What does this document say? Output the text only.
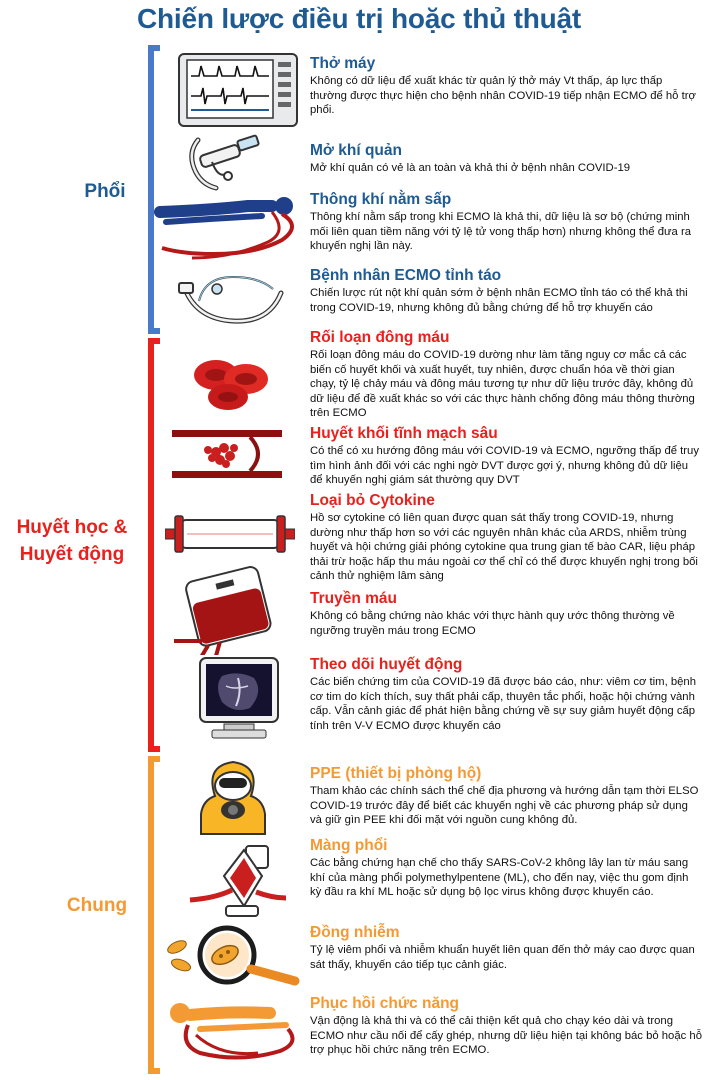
Chiến lược điều trị hoặc thủ thuật
Phổi
Huyết học &
Huyết động
Chung
Thở máy
Không có dữ liệu để xuất khác từ quản lý thở máy Vt thấp, áp lực thấp thường được thực hiện cho bệnh nhân COVID-19 tiếp nhận ECMO để hỗ trợ phổi.
Mở khí quản
Mở khí quản có vẻ là an toàn và khả thi ở bệnh nhân COVID-19
Thông khí nằm sấp
Thông khí nằm sấp trong khi ECMO là khả thi, dữ liệu là sơ bộ (chứng minh mối liên quan tiềm năng với tỷ lệ tử vong thấp hơn) nhưng không thể đưa ra khuyến nghị lần này.
Bệnh nhân ECMO tỉnh táo
Chiến lược rút nột khí quản sớm ở bệnh nhân ECMO tỉnh táo có thể khả thi trong COVID-19, nhưng không đủ bằng chứng để hỗ trợ khuyến cáo
Rối loạn đông máu
Rối loạn đông máu do COVID-19 dường như làm tăng nguy cơ mắc cả các biến cố huyết khối và xuất huyết, tuy nhiên, được chuẩn hóa về thời gian chạy, tỷ lệ chảy máu và đông máu tương tự như dữ liệu trước đây, không đủ dữ liệu để đề xuất khác so với các thực hành chống đông máu thông thường trên ECMO
Huyết khối tĩnh mạch sâu
Có thể có xu hướng đông máu với COVID-19 và ECMO, ngưỡng thấp để truy tìm hình ảnh đối với các nghi ngờ DVT được gợi ý, nhưng không đủ dữ liệu để khuyến nghị giám sát thường quy DVT
Loại bỏ Cytokine
Hồ sơ cytokine có liên quan được quan sát thấy trong COVID-19, nhưng dường như thấp hơn so với các nguyên nhân khác của ARDS, nhiễm trùng huyết và hội chứng giải phóng cytokine qua trung gian tế bào CAR, liệu pháp thải trừ hoặc hấp thu máu ngoài cơ thể chỉ có thể được khuyến nghị trong bối cảnh thử nghiệm lâm sàng
Truyền máu
Không có bằng chứng nào khác với thực hành quy ước thông thường về ngưỡng truyền máu trong ECMO
Theo dõi huyết động
Các biến chứng tim của COVID-19 đã được báo cáo, như: viêm cơ tim, bệnh cơ tim do kích thích, suy thất phải cấp, thuyên tắc phổi, hoặc hội chứng vành cấp. Vẫn cảnh giác để phát hiện bằng chứng về sự suy giảm huyết động cấp tính trên V-V ECMO được khuyến cáo
PPE (thiết bị phòng hộ)
Tham khảo các chính sách thể chế địa phương và hướng dẫn tạm thời ELSO COVID-19 trước đây để biết các khuyến nghị về các phương pháp sử dụng và giữ gìn PEE khi đối mặt với nguồn cung không đủ.
Màng phổi
Các bằng chứng hạn chế cho thấy SARS-CoV-2 không lây lan từ máu sang khí của màng phổi polymethylpentene (ML), cho đến nay, việc thu gom định kỳ đầu ra khí ML hoặc sử dụng bộ lọc virus không được khuyến cáo.
Đồng nhiễm
Tỷ lệ viêm phổi và nhiễm khuẩn huyết liên quan đến thở máy cao được quan sát thấy, khuyến cáo tiếp tục cảnh giác.
Phục hồi chức năng
Vận động là khả thi và có thể cải thiện kết quả cho chạy kéo dài và trong ECMO như cầu nối để cấy ghép, nhưng dữ liệu hiện tại không bác bỏ hoặc hỗ trợ phục hồi chức năng trên ECMO.
